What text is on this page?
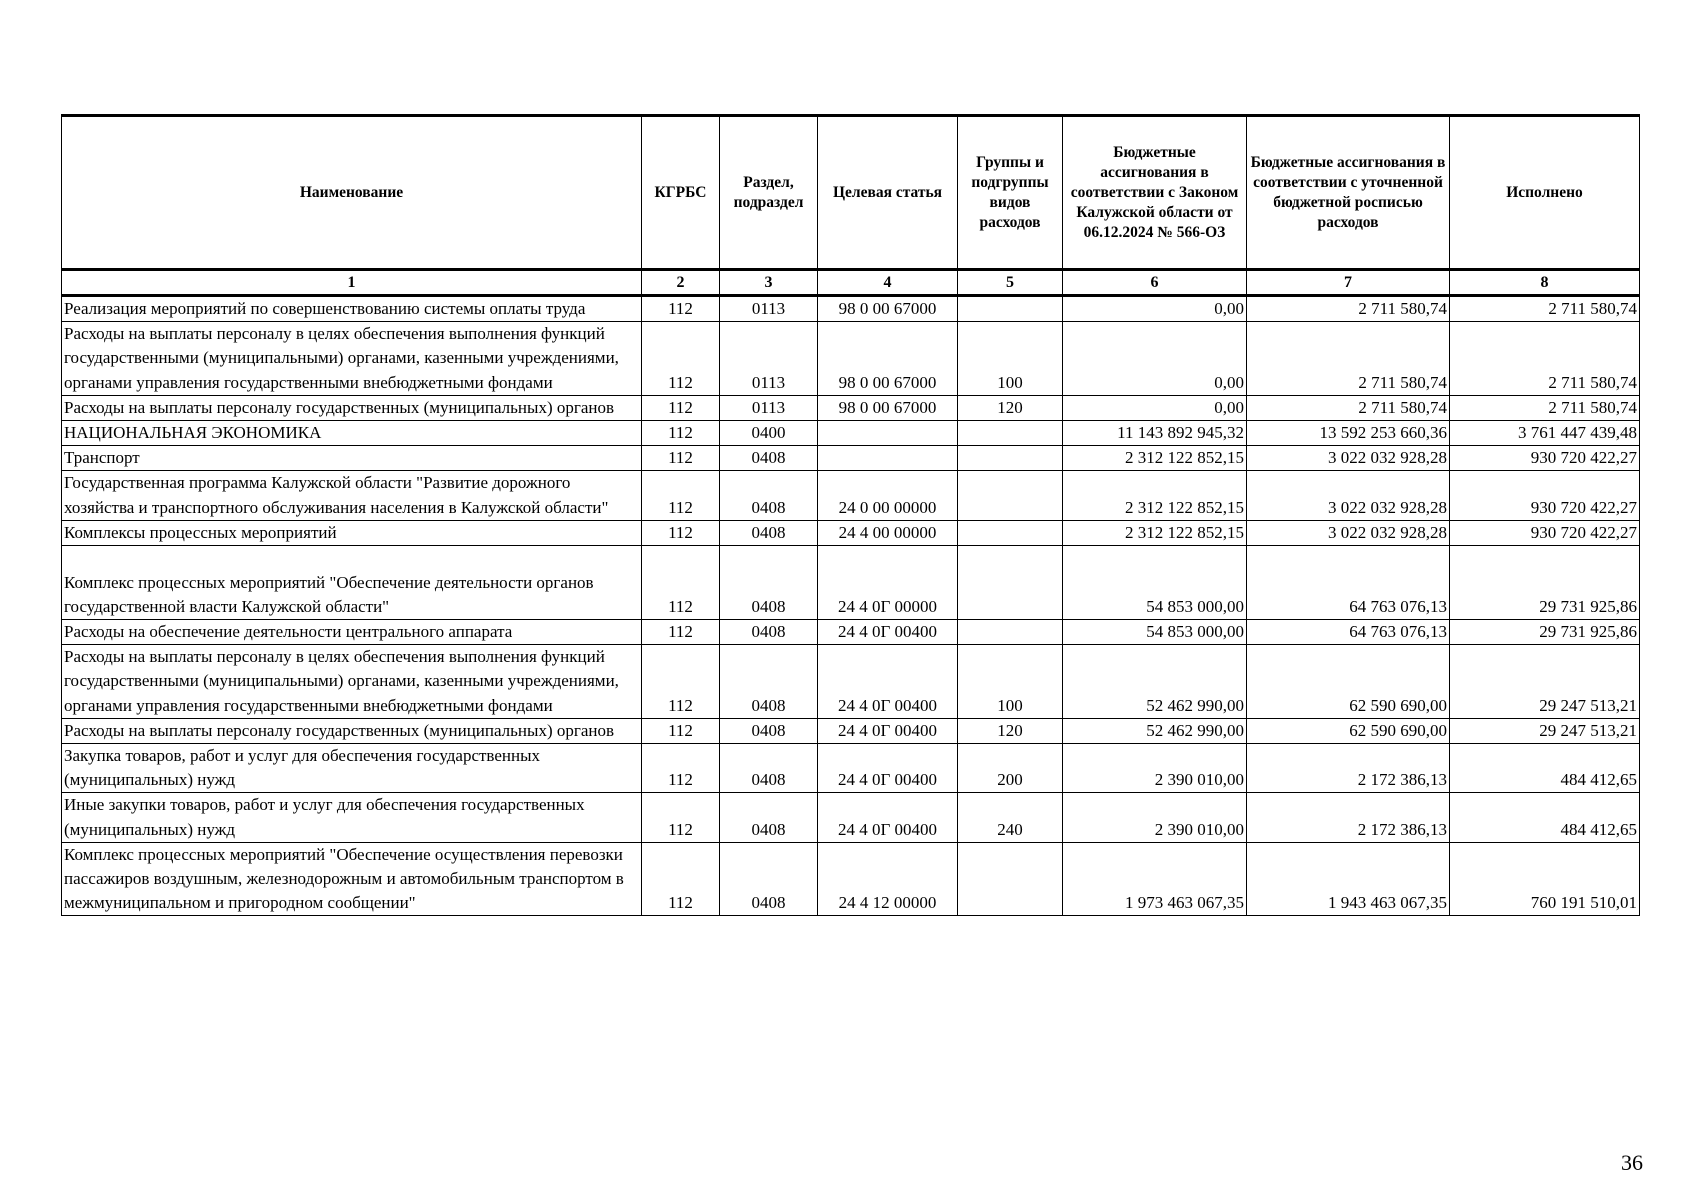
Наименование	КГРБС	Раздел, подраздел	Целевая статья	Группы и подгруппы видов расходов	Бюджетные ассигнования в соответствии с Законом Калужской области от 06.12.2024 № 566-ОЗ	Бюджетные ассигнования в соответствии с уточненной бюджетной росписью расходов	Исполнено
1	2	3	4	5	6	7	8
Реализация мероприятий по совершенствованию системы оплаты труда	112	0113	98 0 00 67000		0,00	2 711 580,74	2 711 580,74
Расходы на выплаты персоналу в целях обеспечения выполнения функций государственными (муниципальными) органами, казенными учреждениями, органами управления государственными внебюджетными фондами	112	0113	98 0 00 67000	100	0,00	2 711 580,74	2 711 580,74
Расходы на выплаты персоналу государственных (муниципальных) органов	112	0113	98 0 00 67000	120	0,00	2 711 580,74	2 711 580,74
НАЦИОНАЛЬНАЯ ЭКОНОМИКА	112	0400			11 143 892 945,32	13 592 253 660,36	3 761 447 439,48
Транспорт	112	0408			2 312 122 852,15	3 022 032 928,28	930 720 422,27
Государственная программа Калужской области "Развитие дорожного хозяйства и транспортного обслуживания населения в Калужской области"	112	0408	24 0 00 00000		2 312 122 852,15	3 022 032 928,28	930 720 422,27
Комплексы процессных мероприятий	112	0408	24 4 00 00000		2 312 122 852,15	3 022 032 928,28	930 720 422,27
Комплекс процессных мероприятий "Обеспечение деятельности органов государственной власти Калужской области"	112	0408	24 4 0Г 00000		54 853 000,00	64 763 076,13	29 731 925,86
Расходы на обеспечение деятельности центрального аппарата	112	0408	24 4 0Г 00400		54 853 000,00	64 763 076,13	29 731 925,86
Расходы на выплаты персоналу в целях обеспечения выполнения функций государственными (муниципальными) органами, казенными учреждениями, органами управления государственными внебюджетными фондами	112	0408	24 4 0Г 00400	100	52 462 990,00	62 590 690,00	29 247 513,21
Расходы на выплаты персоналу государственных (муниципальных) органов	112	0408	24 4 0Г 00400	120	52 462 990,00	62 590 690,00	29 247 513,21
Закупка товаров, работ и услуг для обеспечения государственных (муниципальных) нужд	112	0408	24 4 0Г 00400	200	2 390 010,00	2 172 386,13	484 412,65
Иные закупки товаров, работ и услуг для обеспечения государственных (муниципальных) нужд	112	0408	24 4 0Г 00400	240	2 390 010,00	2 172 386,13	484 412,65
Комплекс процессных мероприятий "Обеспечение осуществления перевозки пассажиров воздушным, железнодорожным и автомобильным транспортом в межмуниципальном и пригородном сообщении"	112	0408	24 4 12 00000		1 973 463 067,35	1 943 463 067,35	760 191 510,01
36
